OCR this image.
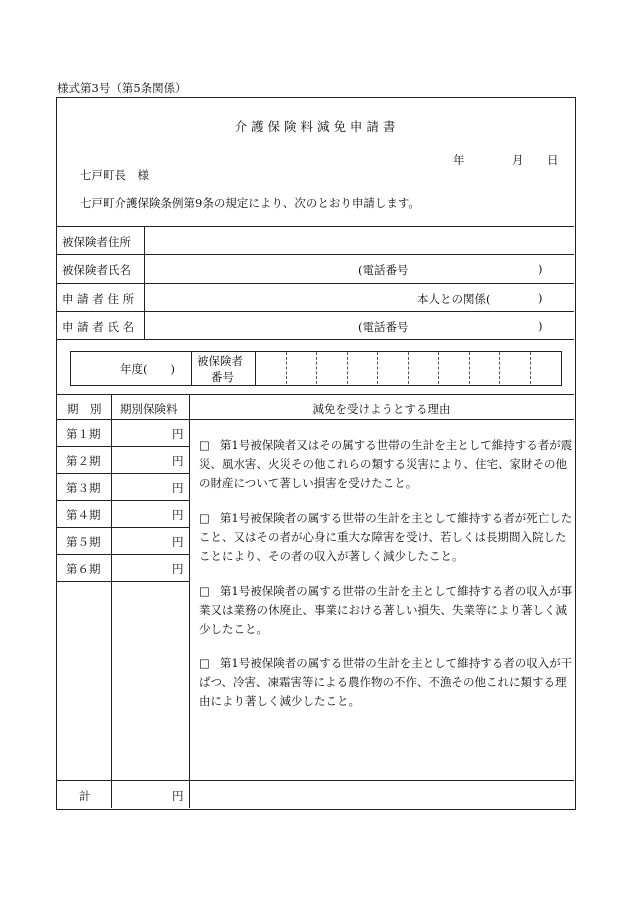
様式第3号（第5条関係）
介 護 保 険 料 減 免 申 請 書
年	月 日
七戸町長　様
七戸町介護保険条例第9条の規定により、次のとおり申請します。
被保険者住所
被保険者氏名	(電話番号	)
申 請 者 住 所	本人との関係(	)
申 請 者 氏 名	(電話番号	)
年度(　　)
被保険者
番号
期　別 期別保険料	減免を受けようとする理由
第１期	円
第２期	円
第３期	円
第４期	円
第５期	円
第６期	円
□ 第1号被保険者又はその属する世帯の生計を主として維持する者が震災、風水害、火災その他これらの類する災害により、住宅、家財その他の財産について著しい損害を受けたこと。
□ 第1号被保険者の属する世帯の生計を主として維持する者が死亡したこと、又はその者が心身に重大な障害を受け、若しくは長期間入院したことにより、その者の収入が著しく減少したこと。
□ 第1号被保険者の属する世帯の生計を主として維持する者の収入が事業又は業務の休廃止、事業における著しい損失、失業等により著しく減少したこと。
□ 第1号被保険者の属する世帯の生計を主として維持する者の収入が干ばつ、冷害、凍霜害等による農作物の不作、不漁その他これに類する理由により著しく減少したこと。
計	円
